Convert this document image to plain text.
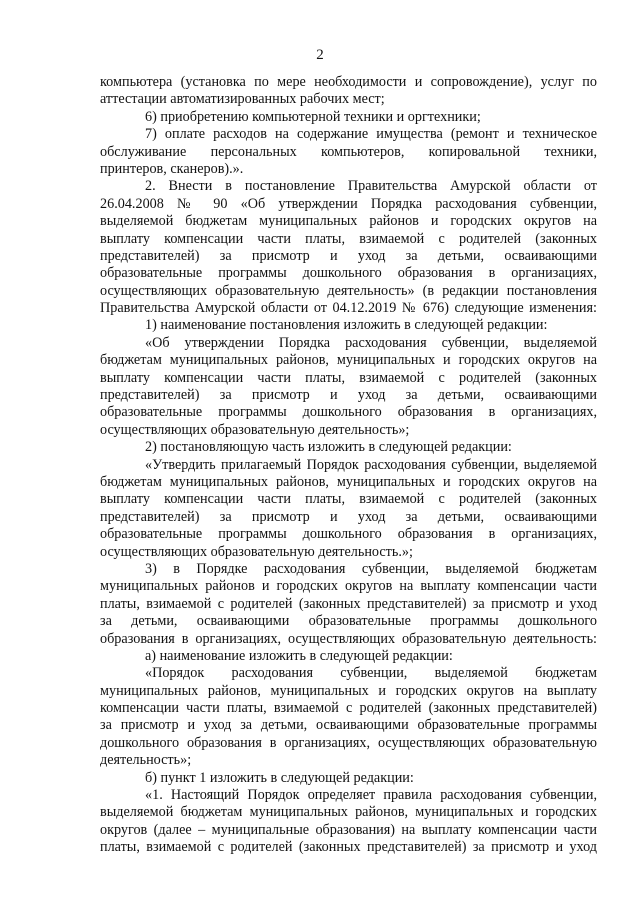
2

компьютера (установка по мере необходимости и сопровождение), услуг по

аттестации автоматизированных рабочих мест;

6) приобретению компьютерной техники и оргтехники;

7) оплате расходов на содержание имущества (ремонт и техническое

обслуживание персональных компьютеров, копировальной техники,

принтеров, сканеров).».

2. Внести в постановление Правительства Амурской области от

26.04.2008 № 90 «Об утверждении Порядка расходования субвенции,

выделяемой бюджетам муниципальных районов и городских округов на

выплату компенсации части платы, взимаемой с родителей (законных

представителей) за присмотр и уход за детьми, осваивающими

образовательные программы дошкольного образования в организациях,

осуществляющих образовательную деятельность» (в редакции постановления

Правительства Амурской области от 04.12.2019 № 676) следующие изменения:

1) наименование постановления изложить в следующей редакции:

«Об утверждении Порядка расходования субвенции, выделяемой

бюджетам муниципальных районов, муниципальных и городских округов на

выплату компенсации части платы, взимаемой с родителей (законных

представителей) за присмотр и уход за детьми, осваивающими

образовательные программы дошкольного образования в организациях,

осуществляющих образовательную деятельность»;

2) постановляющую часть изложить в следующей редакции:

«Утвердить прилагаемый Порядок расходования субвенции, выделяемой

бюджетам муниципальных районов, муниципальных и городских округов на

выплату компенсации части платы, взимаемой с родителей (законных

представителей) за присмотр и уход за детьми, осваивающими

образовательные программы дошкольного образования в организациях,

осуществляющих образовательную деятельность.»;

3) в Порядке расходования субвенции, выделяемой бюджетам

муниципальных районов и городских округов на выплату компенсации части

платы, взимаемой с родителей (законных представителей) за присмотр и уход

за детьми, осваивающими образовательные программы дошкольного

образования в организациях, осуществляющих образовательную деятельность:

а) наименование изложить в следующей редакции:

«Порядок расходования субвенции, выделяемой бюджетам

муниципальных районов, муниципальных и городских округов на выплату

компенсации части платы, взимаемой с родителей (законных представителей)

за присмотр и уход за детьми, осваивающими образовательные программы

дошкольного образования в организациях, осуществляющих образовательную

деятельность»;

б) пункт 1 изложить в следующей редакции:

«1. Настоящий Порядок определяет правила расходования субвенции,

выделяемой бюджетам муниципальных районов, муниципальных и городских

округов (далее – муниципальные образования) на выплату компенсации части

платы, взимаемой с родителей (законных представителей) за присмотр и уход
